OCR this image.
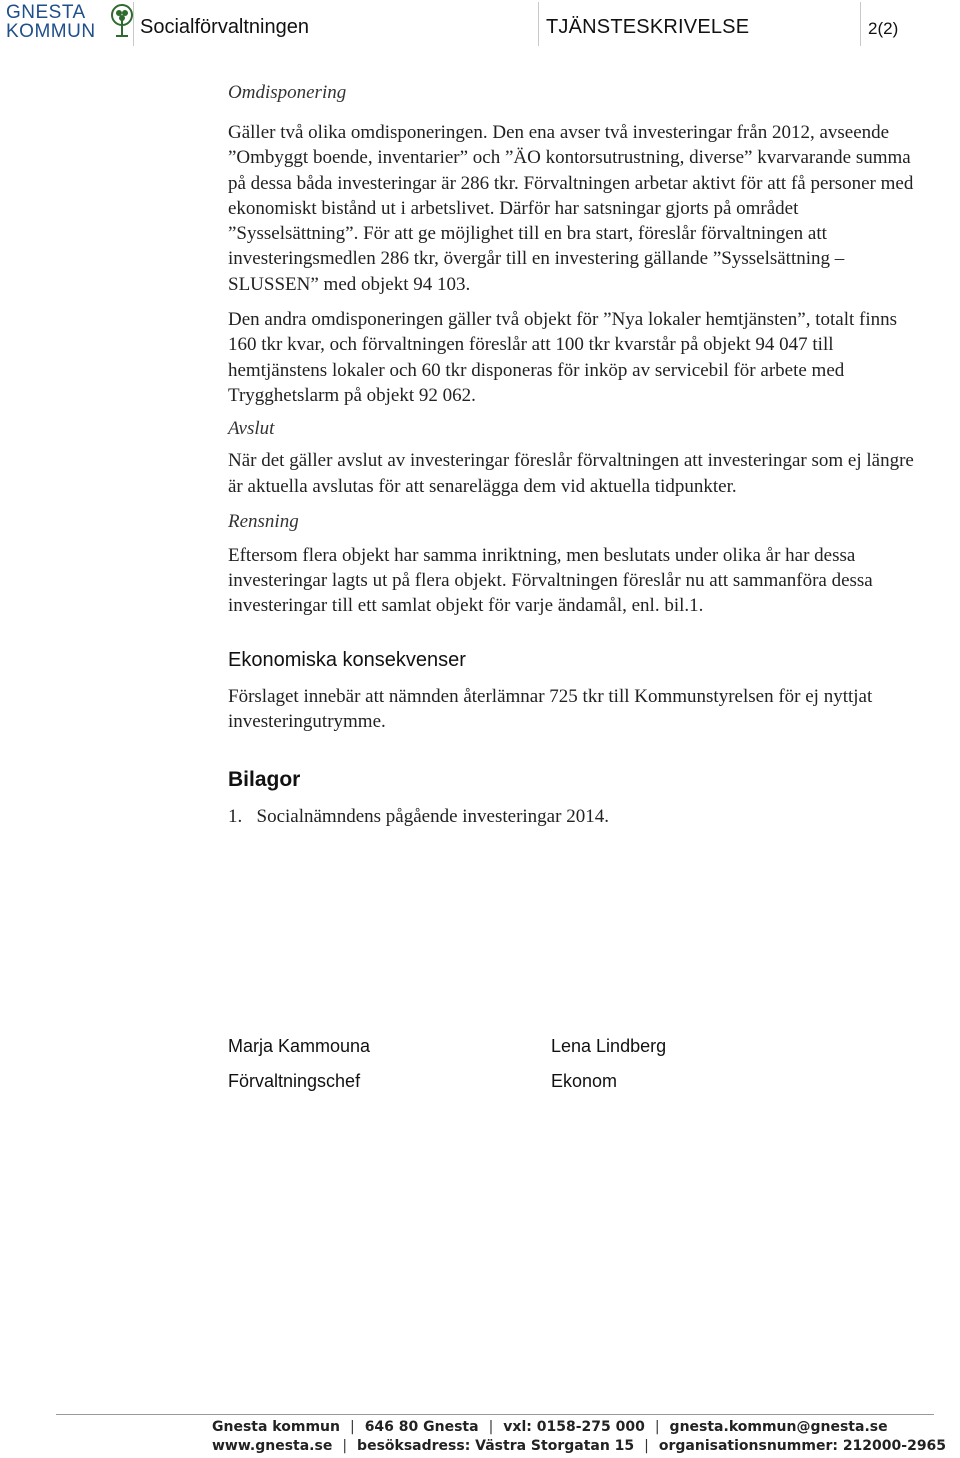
GNESTA
KOMMUN Socialförvaltningen	TJÄNSTESKRIVELSE	2(2)

Omdisponering

Gäller två olika omdisponeringen. Den ena avser två investeringar från 2012, avseende ”Ombyggt boende, inventarier” och ”ÄO kontorsutrustning, diverse” kvarvarande summa på dessa båda investeringar är 286 tkr. Förvaltningen arbetar aktivt för att få personer med ekonomiskt bistånd ut i arbetslivet. Därför har satsningar gjorts på området ”Sysselsättning”. För att ge möjlighet till en bra start, föreslår förvaltningen att investeringsmedlen 286 tkr, övergår till en investering gällande ”Sysselsättning – SLUSSEN” med objekt 94 103.

Den andra omdisponeringen gäller två objekt för ”Nya lokaler hemtjänsten”, totalt finns 160 tkr kvar, och förvaltningen föreslår att 100 tkr kvarstår på objekt 94 047 till hemtjänstens lokaler och 60 tkr disponeras för inköp av servicebil för arbete med Trygghetslarm på objekt 92 062.

Avslut

När det gäller avslut av investeringar föreslår förvaltningen att investeringar som ej längre är aktuella avslutas för att senarelägga dem vid aktuella tidpunkter.

Rensning

Eftersom flera objekt har samma inriktning, men beslutats under olika år har dessa investeringar lagts ut på flera objekt. Förvaltningen föreslår nu att sammanföra dessa investeringar till ett samlat objekt för varje ändamål, enl. bil.1.

Ekonomiska konsekvenser

Förslaget innebär att nämnden återlämnar 725 tkr till Kommunstyrelsen för ej nyttjat investeringutrymme.

Bilagor

1.   Socialnämndens pågående investeringar 2014.

Marja Kammouna
Förvaltningschef
Lena Lindberg
Ekonom
Gnesta kommun | 646 80 Gnesta | vxl: 0158-275 000 | gnesta.kommun@gnesta.se
www.gnesta.se | besöksadress: Västra Storgatan 15 | organisationsnummer: 212000-2965
